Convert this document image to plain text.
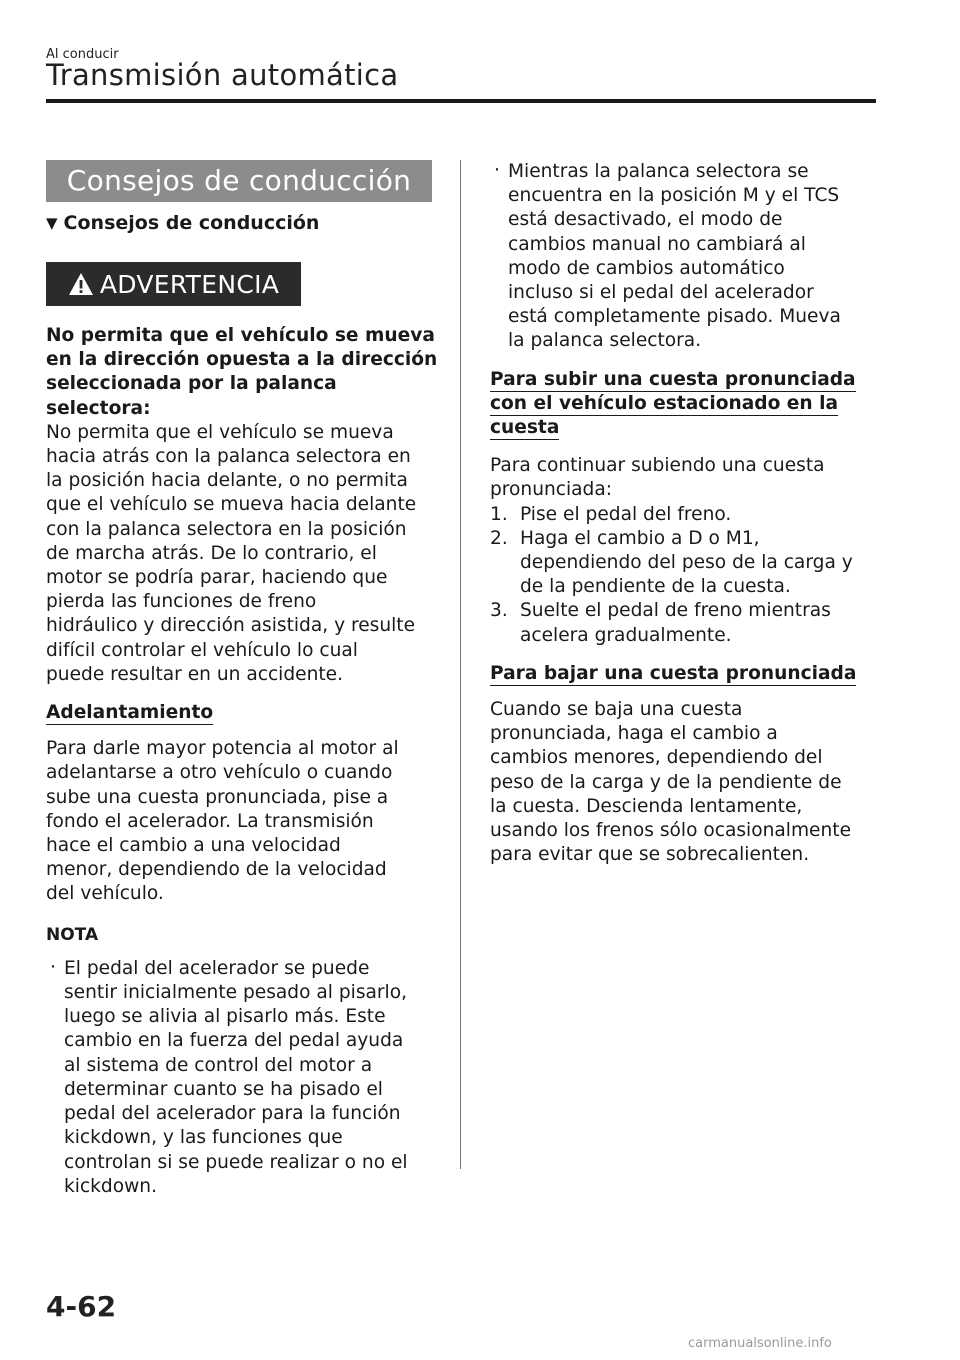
Al conducir
Transmisión automática
Consejos de conducción
▼ Consejos de conducción
ADVERTENCIA
No permita que el vehículo se mueva
en la dirección opuesta a la dirección
seleccionada por la palanca selectora:
No permita que el vehículo se mueva
hacia atrás con la palanca selectora en
la posición hacia delante, o no permita
que el vehículo se mueva hacia delante
con la palanca selectora en la posición
de marcha atrás. De lo contrario, el
motor se podría parar, haciendo que
pierda las funciones de freno
hidráulico y dirección asistida, y resulte
difícil controlar el vehículo lo cual
puede resultar en un accidente.
Adelantamiento
Para darle mayor potencia al motor al
adelantarse a otro vehículo o cuando
sube una cuesta pronunciada, pise a
fondo el acelerador. La transmisión
hace el cambio a una velocidad
menor, dependiendo de la velocidad
del vehículo.
NOTA
· El pedal del acelerador se puede
sentir inicialmente pesado al pisarlo,
luego se alivia al pisarlo más. Este
cambio en la fuerza del pedal ayuda
al sistema de control del motor a
determinar cuanto se ha pisado el
pedal del acelerador para la función
kickdown, y las funciones que
controlan si se puede realizar o no el
kickdown.
· Mientras la palanca selectora se
encuentra en la posición M y el TCS
está desactivado, el modo de
cambios manual no cambiará al
modo de cambios automático
incluso si el pedal del acelerador
está completamente pisado. Mueva
la palanca selectora.
Para subir una cuesta pronunciada
con el vehículo estacionado en la
cuesta
Para continuar subiendo una cuesta
pronunciada:
1. Pise el pedal del freno.
2. Haga el cambio a D o M1,
dependiendo del peso de la carga y
de la pendiente de la cuesta.
3. Suelte el pedal de freno mientras
acelera gradualmente.
Para bajar una cuesta pronunciada
Cuando se baja una cuesta
pronunciada, haga el cambio a
cambios menores, dependiendo del
peso de la carga y de la pendiente de
la cuesta. Descienda lentamente,
usando los frenos sólo ocasionalmente
para evitar que se sobrecalienten.
4-62
carmanualsonline.info
